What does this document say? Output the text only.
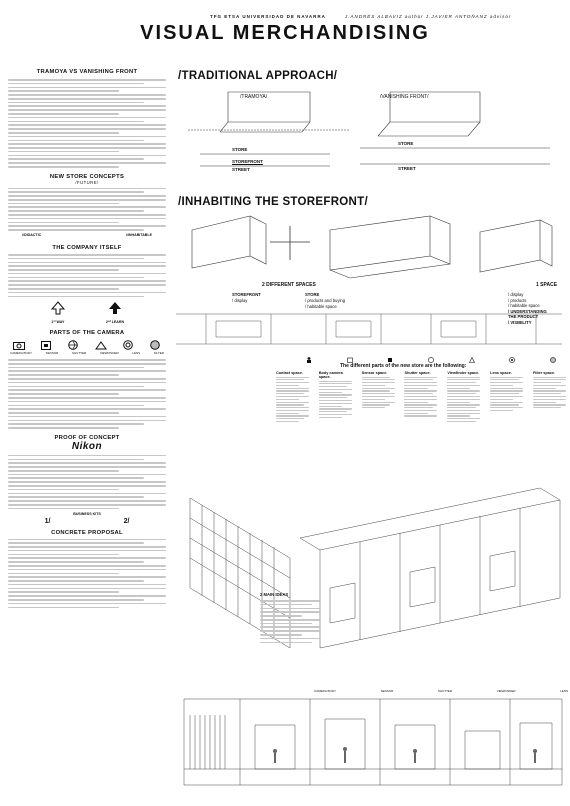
TFG ETSA UNIVERSIDAD DE NAVARRA	J.ANDRÉS ALBAVIZ author J.JAVIER ANTOÑANZ advisor
VISUAL MERCHANDISING
TRAMOYA VS VANISHING FRONT
NEW STORE CONCEPTS
/FUTURE/
#DIDACTIC	#INHABITABLE
THE COMPANY ITSELF
1ˢᵗ WAY	2ⁿᵈ LEARN
PARTS OF THE CAMERA
CAMERA BODY	SENSOR	SHUTTER	VIEWFINDER	LENS	FILTER
PROOF OF CONCEPT
Nikon
BUSINESS KITS
1/	2/
CONCRETE PROPOSAL
/TRADITIONAL APPROACH/
/TRAMOYA/	/VANISHING FRONT/
STORE
STOREFRONT
STREET
STORE
STREET
/INHABITING THE STOREFRONT/
2 DIFFERENT SPACES	1 SPACE
STOREFRONT
/ display
STORE
/ products and buying
/ habitable space
/ display
/ products
/ habitable space
/ UNDERSTANDING
THE PRODUCT
/ VISIBILITY
The different parts of the new store are the following:
Contact space.	Body camera space.
Sensor space.	Shutter space.	Viewfinder space.	Lens space.	Filter space.
2 MAIN IDEAS
CAMERA BODY	SENSOR	SHUTTER	VIEWFINDER	LENS
